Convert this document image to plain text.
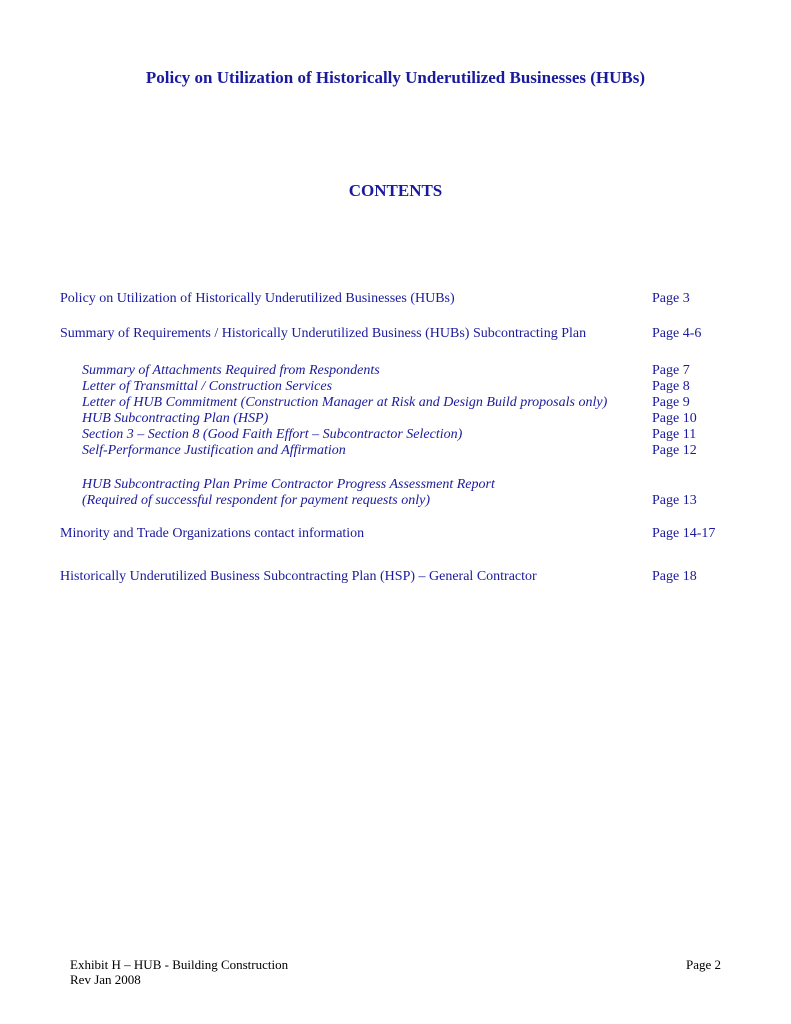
Policy on Utilization of Historically Underutilized Businesses (HUBs)
CONTENTS
Policy on Utilization of Historically Underutilized Businesses (HUBs)	Page 3
Summary of Requirements / Historically Underutilized Business (HUBs) Subcontracting Plan	Page 4-6
Summary of Attachments Required from Respondents	Page 7
Letter of Transmittal / Construction Services	Page 8
Letter of HUB Commitment (Construction Manager at Risk and Design Build proposals only)	Page 9
HUB Subcontracting Plan (HSP)	Page 10
Section 3 – Section 8 (Good Faith Effort – Subcontractor Selection)	Page 11
Self-Performance Justification and Affirmation	Page 12
HUB Subcontracting Plan Prime Contractor Progress Assessment Report
(Required of successful respondent for payment requests only)	Page 13
Minority and Trade Organizations contact information	Page 14-17
Historically Underutilized Business Subcontracting Plan (HSP) – General Contractor	Page 18
Exhibit H – HUB - Building Construction
Rev Jan 2008
Page 2
